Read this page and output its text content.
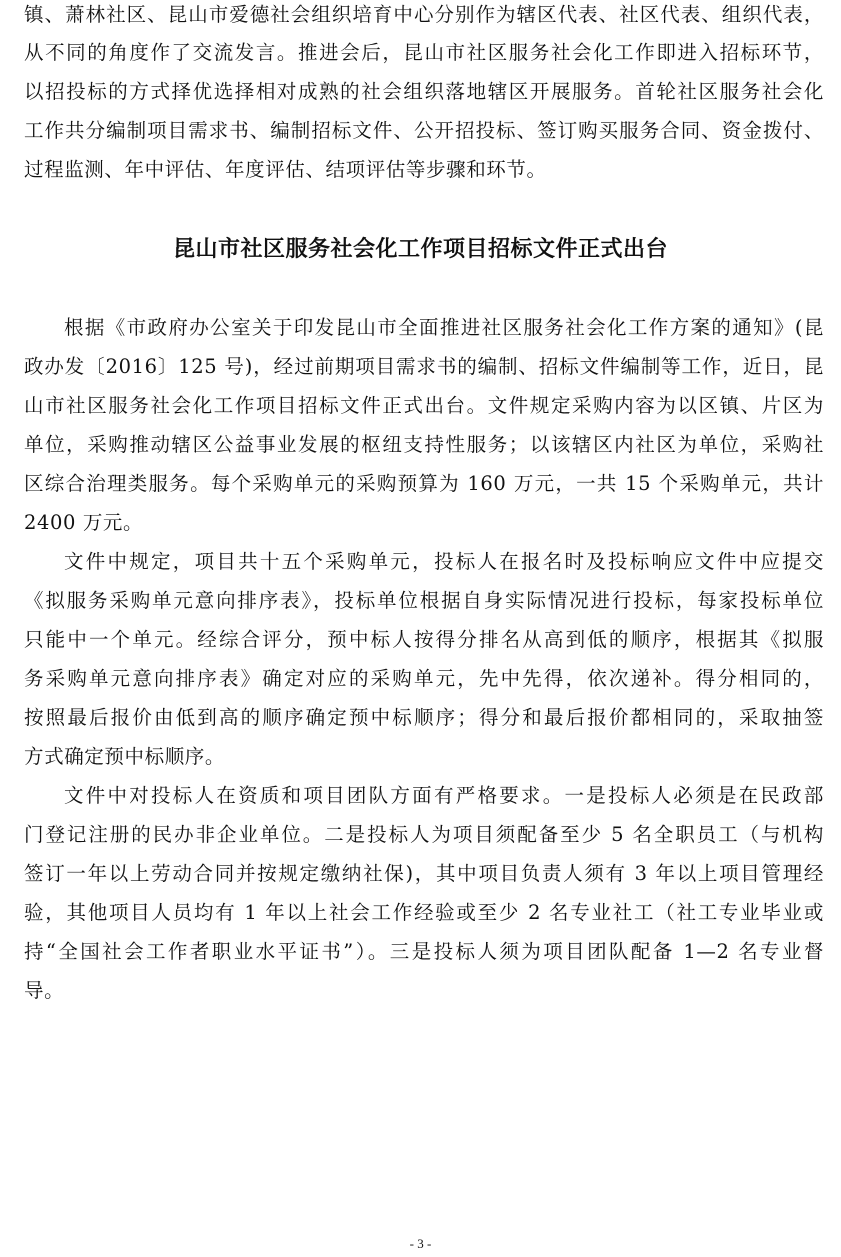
镇、萧林社区、昆山市爱德社会组织培育中心分别作为辖区代表、社区代表、组织代表，
从不同的角度作了交流发言。推进会后，昆山市社区服务社会化工作即进入招标环节，
以招投标的方式择优选择相对成熟的社会组织落地辖区开展服务。首轮社区服务社会化
工作共分编制项目需求书、编制招标文件、公开招投标、签订购买服务合同、资金拨付、
过程监测、年中评估、年度评估、结项评估等步骤和环节。
昆山市社区服务社会化工作项目招标文件正式出台
根据《市政府办公室关于印发昆山市全面推进社区服务社会化工作方案的通知》(昆
政办发〔2016〕125 号)，经过前期项目需求书的编制、招标文件编制等工作，近日，昆
山市社区服务社会化工作项目招标文件正式出台。文件规定采购内容为以区镇、片区为
单位，采购推动辖区公益事业发展的枢纽支持性服务；以该辖区内社区为单位，采购社
区综合治理类服务。每个采购单元的采购预算为 160 万元，一共 15 个采购单元，共计
2400 万元。
文件中规定，项目共十五个采购单元，投标人在报名时及投标响应文件中应提交
《拟服务采购单元意向排序表》，投标单位根据自身实际情况进行投标，每家投标单位
只能中一个单元。经综合评分，预中标人按得分排名从高到低的顺序，根据其《拟服
务采购单元意向排序表》确定对应的采购单元，先中先得，依次递补。得分相同的，
按照最后报价由低到高的顺序确定预中标顺序；得分和最后报价都相同的，采取抽签
方式确定预中标顺序。
文件中对投标人在资质和项目团队方面有严格要求。一是投标人必须是在民政部
门登记注册的民办非企业单位。二是投标人为项目须配备至少 5 名全职员工（与机构
签订一年以上劳动合同并按规定缴纳社保)，其中项目负责人须有 3 年以上项目管理经
验，其他项目人员均有 1 年以上社会工作经验或至少 2 名专业社工（社工专业毕业或
持“全国社会工作者职业水平证书”）。三是投标人须为项目团队配备 1—2 名专业督
导。
- 3 -
